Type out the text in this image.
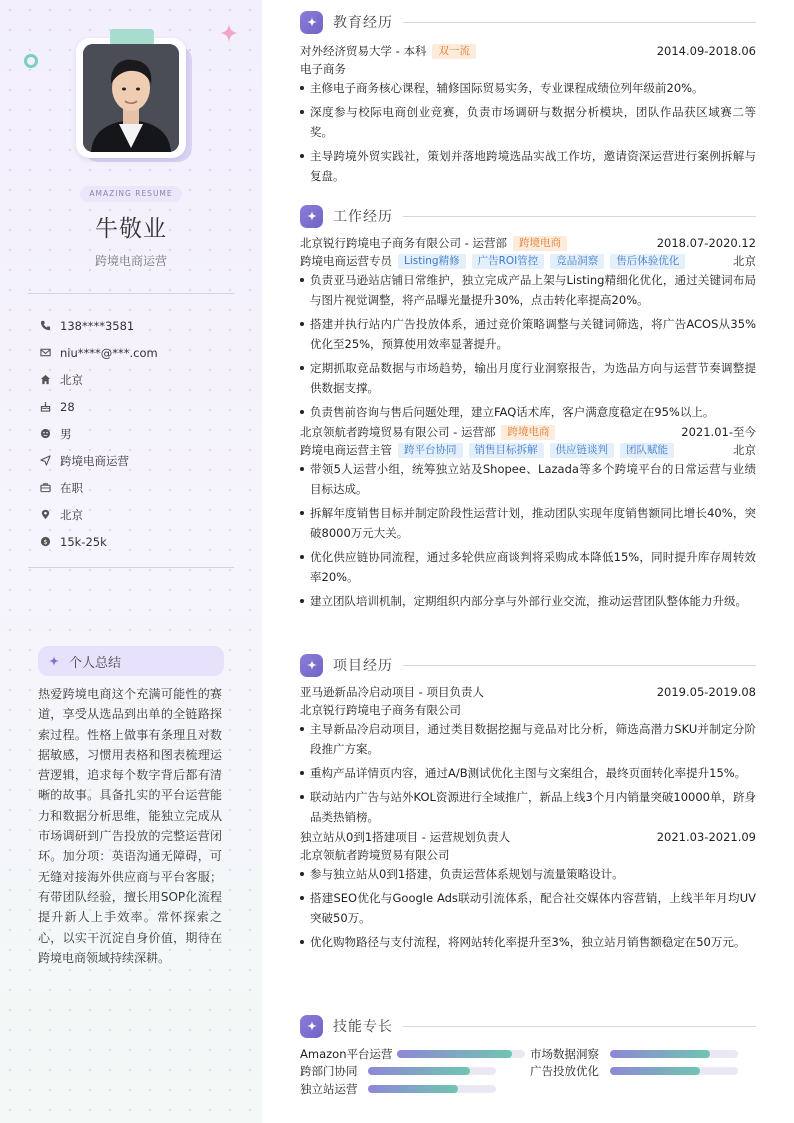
AMAZING RESUME
牛敬业
跨境电商运营
138****3581
niu****@***.com
北京
28
男
跨境电商运营
在职
北京
$ 15k-25k
个人总结
热爱跨境电商这个充满可能性的赛道，享受从选品到出单的全链路探索过程。性格上做事有条理且对数据敏感，习惯用表格和图表梳理运营逻辑，追求每个数字背后都有清晰的故事。具备扎实的平台运营能力和数据分析思维，能独立完成从市场调研到广告投放的完整运营闭环。加分项：英语沟通无障碍，可无缝对接海外供应商与平台客服；有带团队经验，擅长用SOP化流程提升新人上手效率。常怀探索之心，以实干沉淀自身价值，期待在跨境电商领域持续深耕。
教育经历
对外经济贸易大学 - 本科	双一流	2014.09-2018.06
电子商务
主修电子商务核心课程，辅修国际贸易实务，专业课程成绩位列年级前20%。
深度参与校际电商创业竞赛，负责市场调研与数据分析模块，团队作品获区域赛二等奖。
主导跨境外贸实践社，策划并落地跨境选品实战工作坊，邀请资深运营进行案例拆解与复盘。
工作经历
北京锐行跨境电子商务有限公司 - 运营部	跨境电商	2018.07-2020.12
跨境电商运营专员	Listing精修	广告ROI管控	竞品洞察	售后体验优化	北京
负责亚马逊站店铺日常维护，独立完成产品上架与Listing精细化优化，通过关键词布局与图片视觉调整，将产品曝光量提升30%，点击转化率提高20%。
搭建并执行站内广告投放体系，通过竞价策略调整与关键词筛选，将广告ACOS从35%优化至25%，预算使用效率显著提升。
定期抓取竞品数据与市场趋势，输出月度行业洞察报告，为选品方向与运营节奏调整提供数据支撑。
负责售前咨询与售后问题处理，建立FAQ话术库，客户满意度稳定在95%以上。
北京领航者跨境贸易有限公司 - 运营部	跨境电商	2021.01-至今
跨境电商运营主管	跨平台协同	销售目标拆解	供应链谈判	团队赋能	北京
带领5人运营小组，统筹独立站及Shopee、Lazada等多个跨境平台的日常运营与业绩目标达成。
拆解年度销售目标并制定阶段性运营计划，推动团队实现年度销售额同比增长40%，突破8000万元大关。
优化供应链协同流程，通过多轮供应商谈判将采购成本降低15%，同时提升库存周转效率20%。
建立团队培训机制，定期组织内部分享与外部行业交流，推动运营团队整体能力升级。
项目经历
亚马逊新品冷启动项目 - 项目负责人	2019.05-2019.08
北京锐行跨境电子商务有限公司
主导新品冷启动项目，通过类目数据挖掘与竞品对比分析，筛选高潜力SKU并制定分阶段推广方案。
重构产品详情页内容，通过A/B测试优化主图与文案组合，最终页面转化率提升15%。
联动站内广告与站外KOL资源进行全域推广，新品上线3个月内销量突破10000单，跻身品类热销榜。
独立站从0到1搭建项目 - 运营规划负责人	2021.03-2021.09
北京领航者跨境贸易有限公司
参与独立站从0到1搭建，负责运营体系规划与流量策略设计。
搭建SEO优化与Google Ads联动引流体系，配合社交媒体内容营销，上线半年月均UV突破50万。
优化购物路径与支付流程，将网站转化率提升至3%，独立站月销售额稳定在50万元。
技能专长
Amazon平台运营	市场数据洞察
跨部门协同	广告投放优化
独立站运营
